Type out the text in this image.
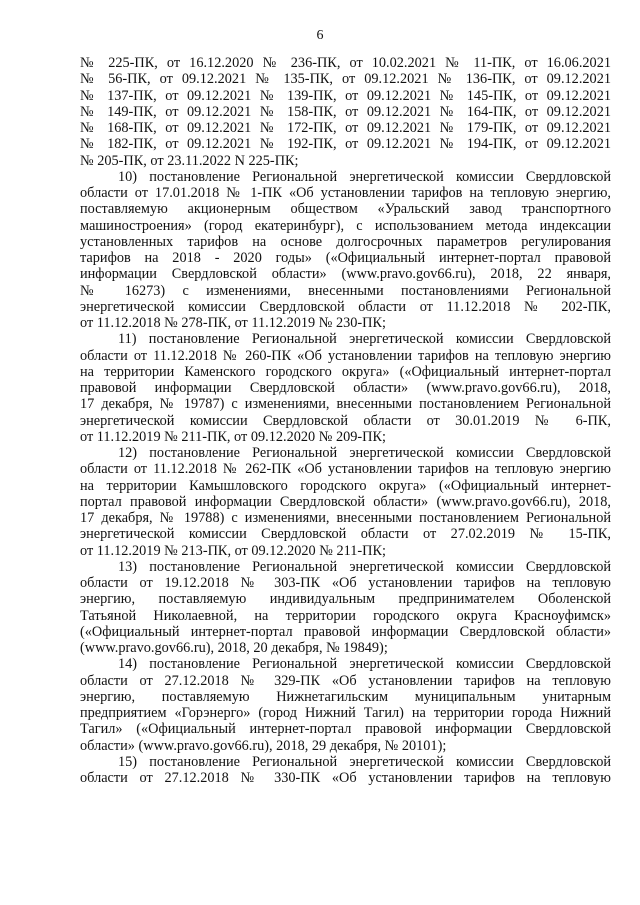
6
№ 225-ПК, от 16.12.2020 № 236-ПК, от 10.02.2021 № 11-ПК, от 16.06.2021
№ 56-ПК, от 09.12.2021 № 135-ПК, от 09.12.2021 № 136-ПК, от 09.12.2021
№ 137-ПК, от 09.12.2021 № 139-ПК, от 09.12.2021 № 145-ПК, от 09.12.2021
№ 149-ПК, от 09.12.2021 № 158-ПК, от 09.12.2021 № 164-ПК, от 09.12.2021
№ 168-ПК, от 09.12.2021 № 172-ПК, от 09.12.2021 № 179-ПК, от 09.12.2021
№ 182-ПК, от 09.12.2021 № 192-ПК, от 09.12.2021 № 194-ПК, от 09.12.2021
№ 205-ПК, от 23.11.2022 N 225-ПК;
10) постановление Региональной энергетической комиссии Свердловской
области от 17.01.2018 № 1-ПК «Об установлении тарифов на тепловую энергию,
поставляемую акционерным обществом «Уральский завод транспортного
машиностроения» (город екатеринбург), с использованием метода индексации
установленных тарифов на основе долгосрочных параметров регулирования
тарифов на 2018 - 2020 годы» («Официальный интернет-портал правовой
информации Свердловской области» (www.pravo.gov66.ru), 2018, 22 января,
№ 16273) с изменениями, внесенными постановлениями Региональной
энергетической комиссии Свердловской области от 11.12.2018 № 202-ПК,
от 11.12.2018 № 278-ПК, от 11.12.2019 № 230-ПК;
11) постановление Региональной энергетической комиссии Свердловской
области от 11.12.2018 № 260-ПК «Об установлении тарифов на тепловую энергию
на территории Каменского городского округа» («Официальный интернет-портал
правовой информации Свердловской области» (www.pravo.gov66.ru), 2018,
17 декабря, № 19787) с изменениями, внесенными постановлением Региональной
энергетической комиссии Свердловской области от 30.01.2019 № 6-ПК,
от 11.12.2019 № 211-ПК, от 09.12.2020 № 209-ПК;
12) постановление Региональной энергетической комиссии Свердловской
области от 11.12.2018 № 262-ПК «Об установлении тарифов на тепловую энергию
на территории Камышловского городского округа» («Официальный интернет-
портал правовой информации Свердловской области» (www.pravo.gov66.ru), 2018,
17 декабря, № 19788) с изменениями, внесенными постановлением Региональной
энергетической комиссии Свердловской области от 27.02.2019 № 15-ПК,
от 11.12.2019 № 213-ПК, от 09.12.2020 № 211-ПК;
13) постановление Региональной энергетической комиссии Свердловской
области от 19.12.2018 № 303-ПК «Об установлении тарифов на тепловую
энергию, поставляемую индивидуальным предпринимателем Оболенской
Татьяной Николаевной, на территории городского округа Красноуфимск»
(«Официальный интернет-портал правовой информации Свердловской области»
(www.pravo.gov66.ru), 2018, 20 декабря, № 19849);
14) постановление Региональной энергетической комиссии Свердловской
области от 27.12.2018 № 329-ПК «Об установлении тарифов на тепловую
энергию, поставляемую Нижнетагильским муниципальным унитарным
предприятием «Горэнерго» (город Нижний Тагил) на территории города Нижний
Тагил» («Официальный интернет-портал правовой информации Свердловской
области» (www.pravo.gov66.ru), 2018, 29 декабря, № 20101);
15) постановление Региональной энергетической комиссии Свердловской
области от 27.12.2018 № 330-ПК «Об установлении тарифов на тепловую
